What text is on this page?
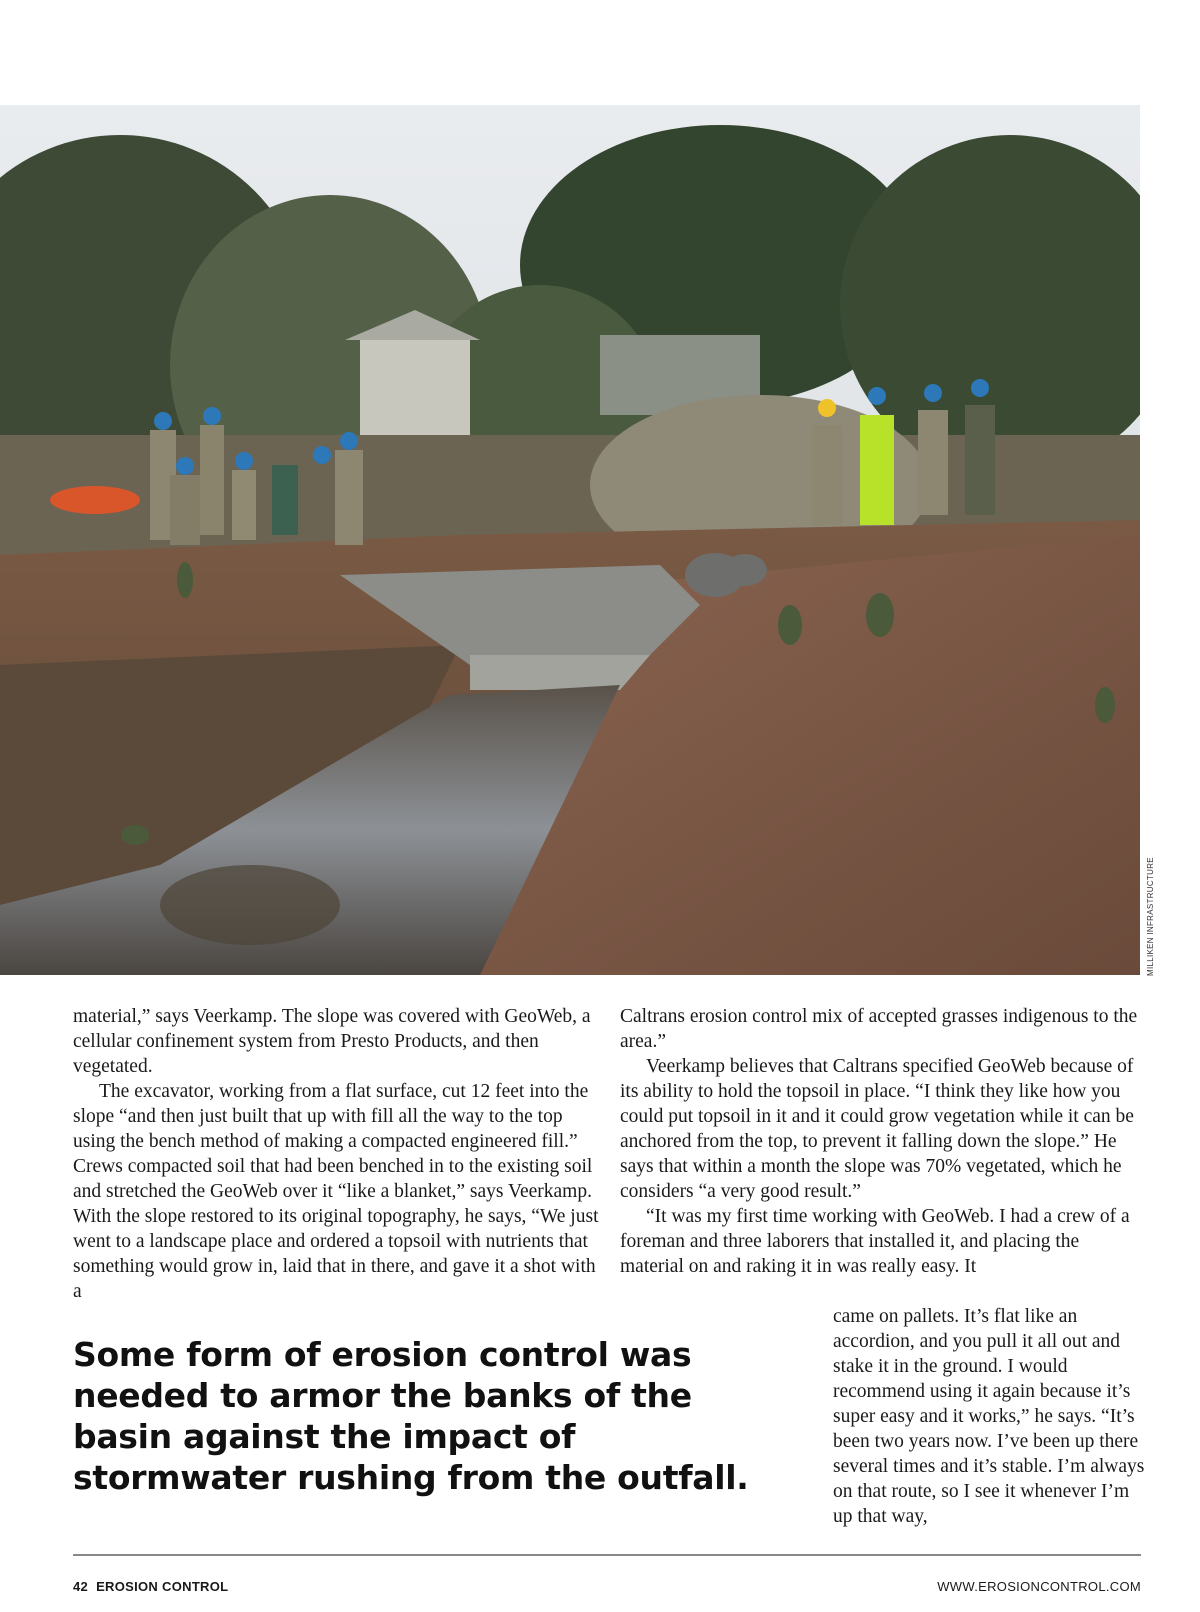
MILLIKEN INFRASTRUCTURE

material,” says Veerkamp. The slope was covered with GeoWeb, a cellular confinement system from Presto Products, and then vegetated.

The excavator, working from a flat surface, cut 12 feet into the slope “and then just built that up with fill all the way to the top using the bench method of making a compacted engineered fill.” Crews compacted soil that had been benched in to the existing soil and stretched the GeoWeb over it “like a blanket,” says Veerkamp. With the slope restored to its original topography, he says, “We just went to a landscape place and ordered a topsoil with nutrients that something would grow in, laid that in there, and gave it a shot with a

Caltrans erosion control mix of accepted grasses indigenous to the area.”

Veerkamp believes that Caltrans specified GeoWeb because of its ability to hold the topsoil in place. “I think they like how you could put topsoil in it and it could grow vegetation while it can be anchored from the top, to prevent it falling down the slope.” He says that within a month the slope was 70% vegetated, which he considers “a very good result.”

“It was my first time working with GeoWeb. I had a crew of a foreman and three laborers that installed it, and placing the material on and raking it in was really easy. It

came on pallets. It’s flat like an accordion, and you pull it all out and stake it in the ground. I would recommend using it again because it’s super easy and it works,” he says. “It’s been two years now. I’ve been up there several times and it’s stable. I’m always on that route, so I see it whenever I’m up that way,

Some form of erosion control was needed to armor the banks of the basin against the impact of stormwater rushing from the outfall.
42 EROSION CONTROL	WWW.EROSIONCONTROL.COM
